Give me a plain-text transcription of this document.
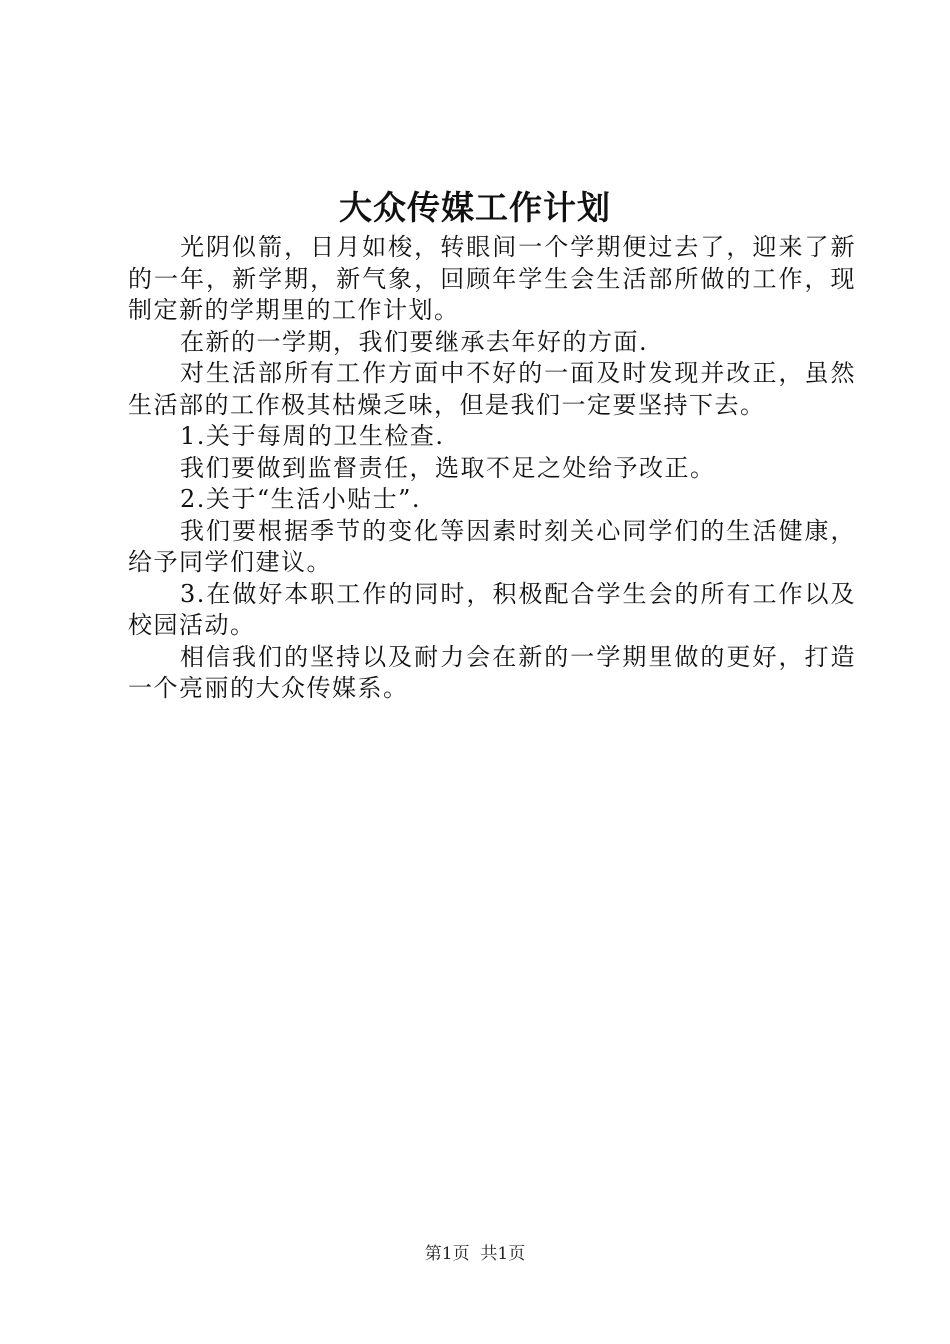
大众传媒工作计划

光阴似箭，日月如梭，转眼间一个学期便过去了，迎来了新的一年，新学期，新气象，回顾年学生会生活部所做的工作，现制定新的学期里的工作计划。

在新的一学期，我们要继承去年好的方面.

对生活部所有工作方面中不好的一面及时发现并改正，虽然生活部的工作极其枯燥乏味，但是我们一定要坚持下去。

1.关于每周的卫生检查.

我们要做到监督责任，选取不足之处给予改正。

2.关于“生活小贴士”.

我们要根据季节的变化等因素时刻关心同学们的生活健康，给予同学们建议。

3.在做好本职工作的同时，积极配合学生会的所有工作以及校园活动。

相信我们的坚持以及耐力会在新的一学期里做的更好，打造一个亮丽的大众传媒系。

第1页  共1页
